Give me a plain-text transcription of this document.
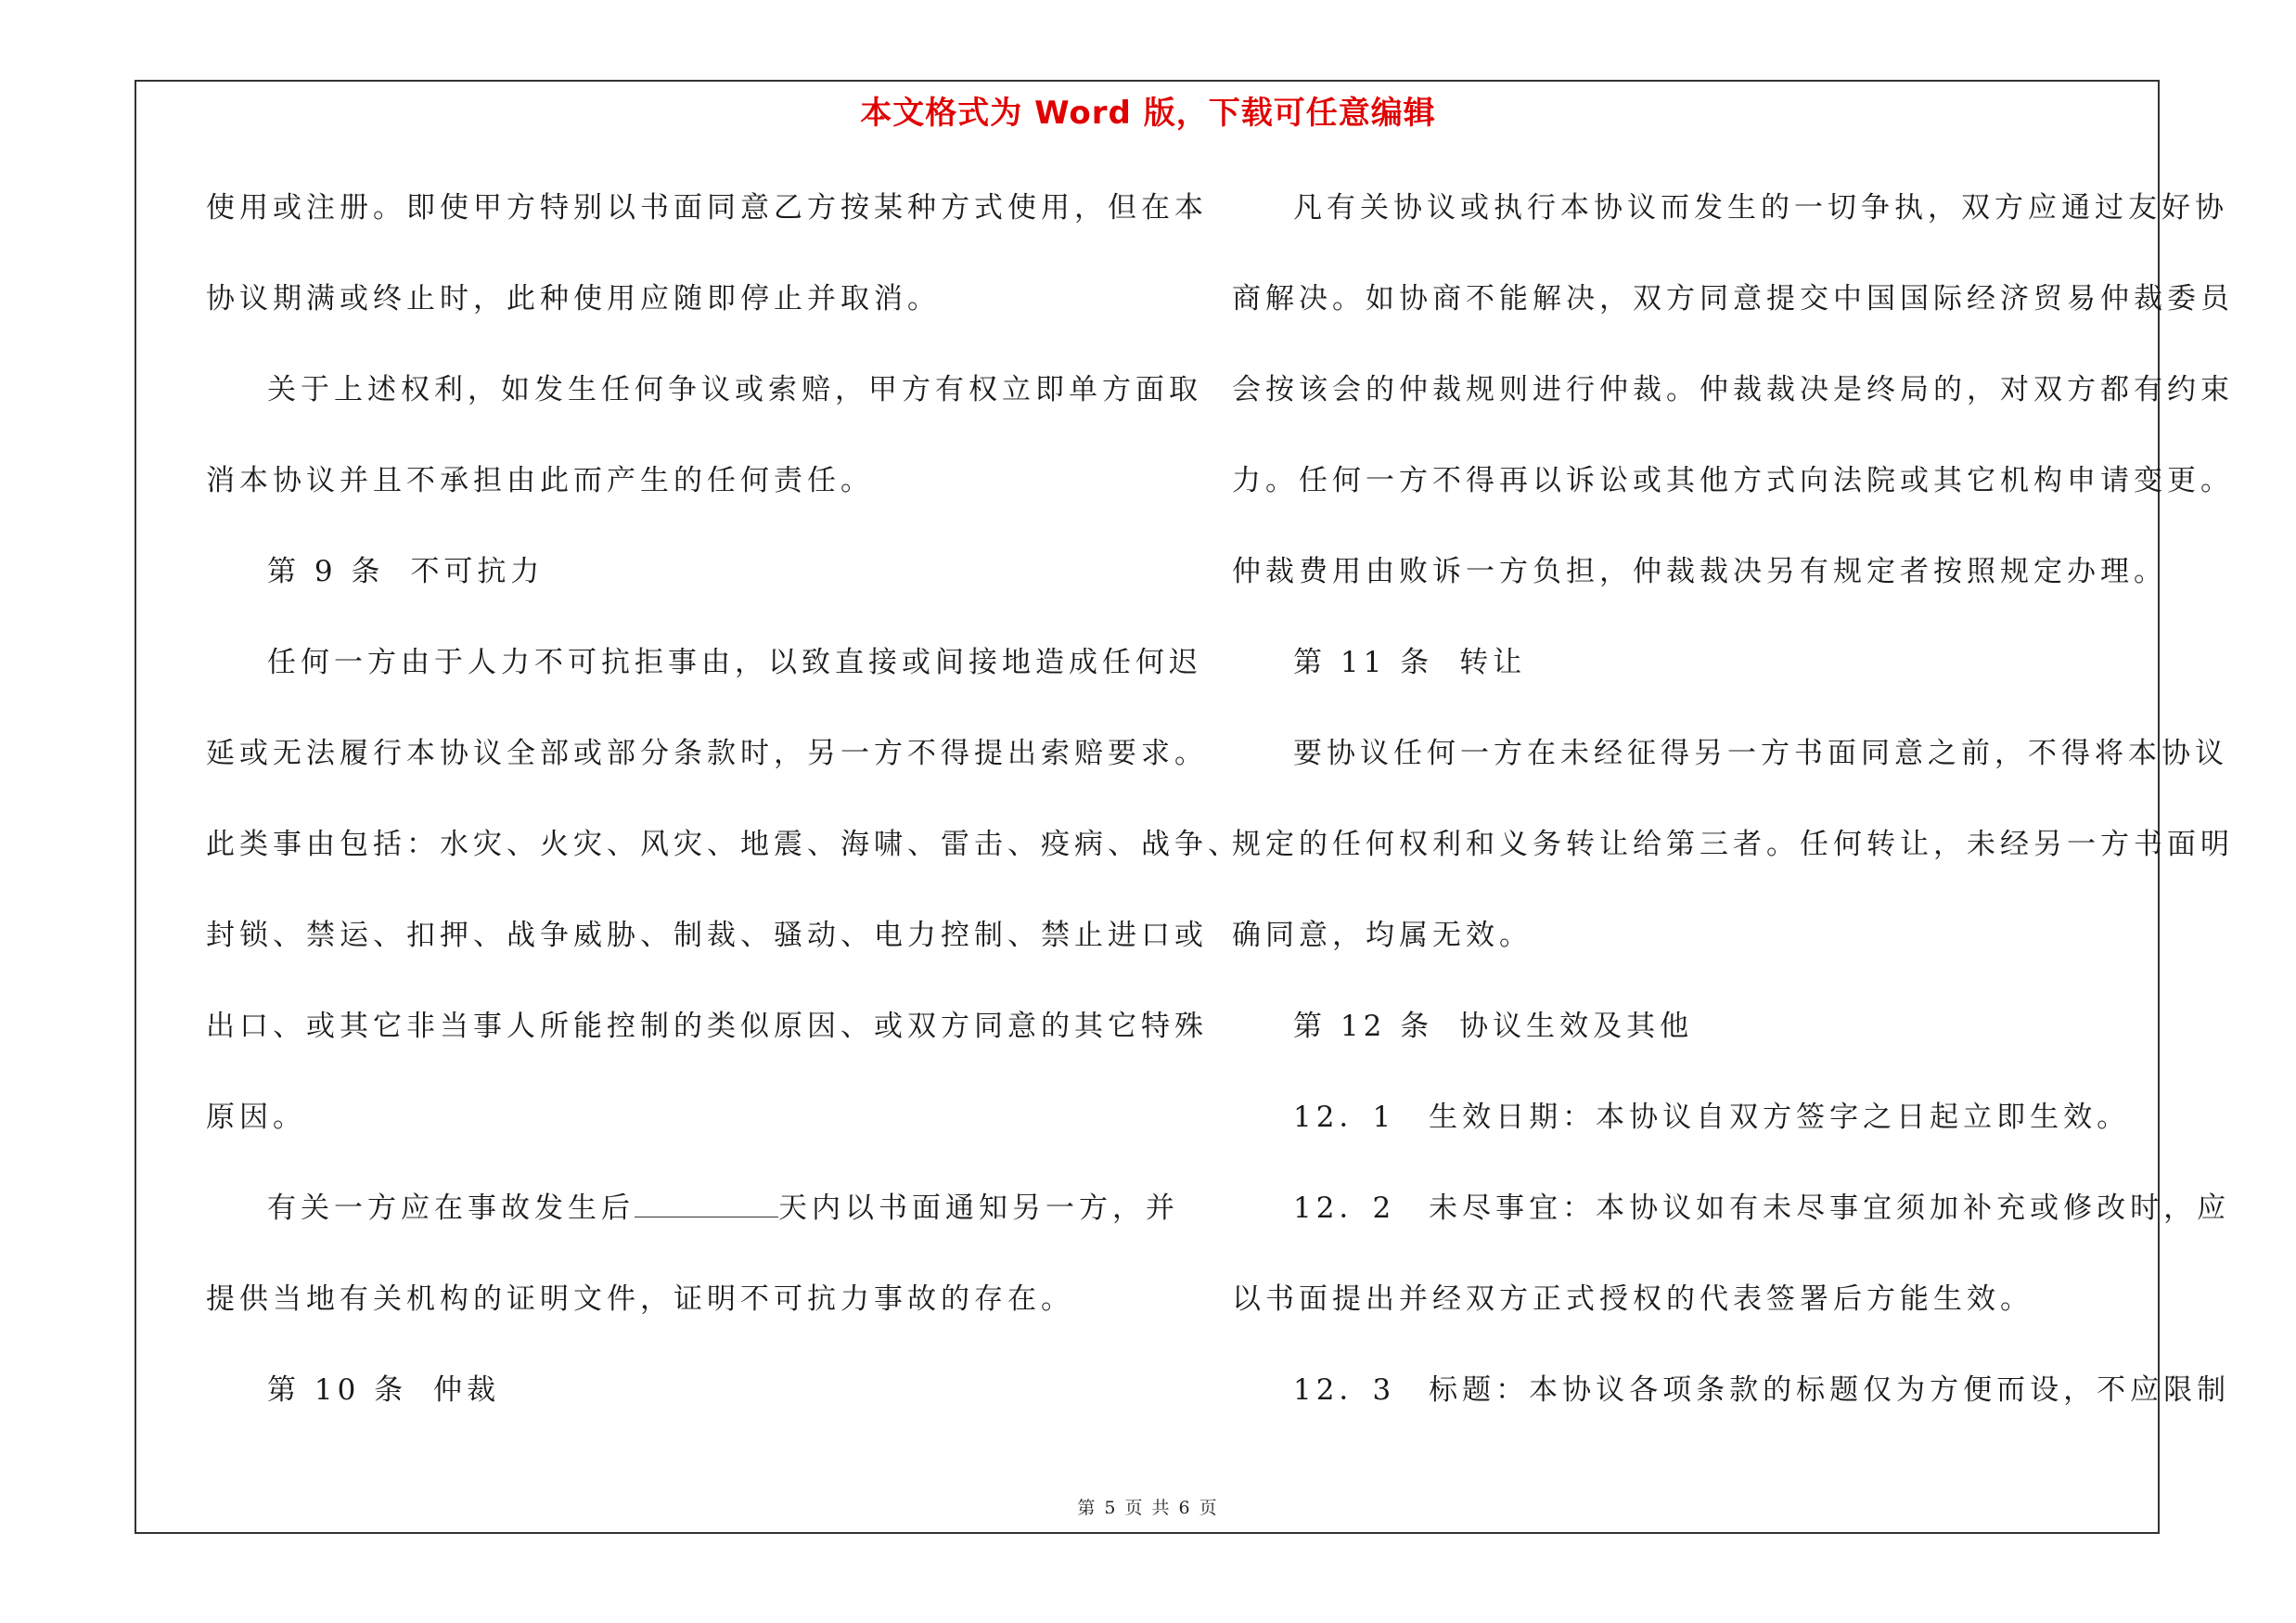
本文格式为 Word 版，下载可任意编辑
使用或注册。即使甲方特别以书面同意乙方按某种方式使用，但在本
协议期满或终止时，此种使用应随即停止并取消。
关于上述权利，如发生任何争议或索赔，甲方有权立即单方面取
消本协议并且不承担由此而产生的任何责任。
第 9 条 不可抗力
任何一方由于人力不可抗拒事由，以致直接或间接地造成任何迟
延或无法履行本协议全部或部分条款时，另一方不得提出索赔要求。
此类事由包括：水灾、火灾、风灾、地震、海啸、雷击、疫病、战争、
封锁、禁运、扣押、战争威胁、制裁、骚动、电力控制、禁止进口或
出口、或其它非当事人所能控制的类似原因、或双方同意的其它特殊
原因。
有关一方应在事故发生后	天内以书面通知另一方，并
提供当地有关机构的证明文件，证明不可抗力事故的存在。
第 10 条 仲裁
凡有关协议或执行本协议而发生的一切争执，双方应通过友好协
商解决。如协商不能解决，双方同意提交中国国际经济贸易仲裁委员
会按该会的仲裁规则进行仲裁。仲裁裁决是终局的，对双方都有约束
力。任何一方不得再以诉讼或其他方式向法院或其它机构申请变更。
仲裁费用由败诉一方负担，仲裁裁决另有规定者按照规定办理。
第 11 条 转让
要协议任何一方在未经征得另一方书面同意之前，不得将本协议
规定的任何权利和义务转让给第三者。任何转让，未经另一方书面明
确同意，均属无效。
第 12 条 协议生效及其他
12．1　生效日期：本协议自双方签字之日起立即生效。
12．2　未尽事宜：本协议如有未尽事宜须加补充或修改时，应
以书面提出并经双方正式授权的代表签署后方能生效。
12．3　标题：本协议各项条款的标题仅为方便而设，不应限制
第 5 页 共 6 页
